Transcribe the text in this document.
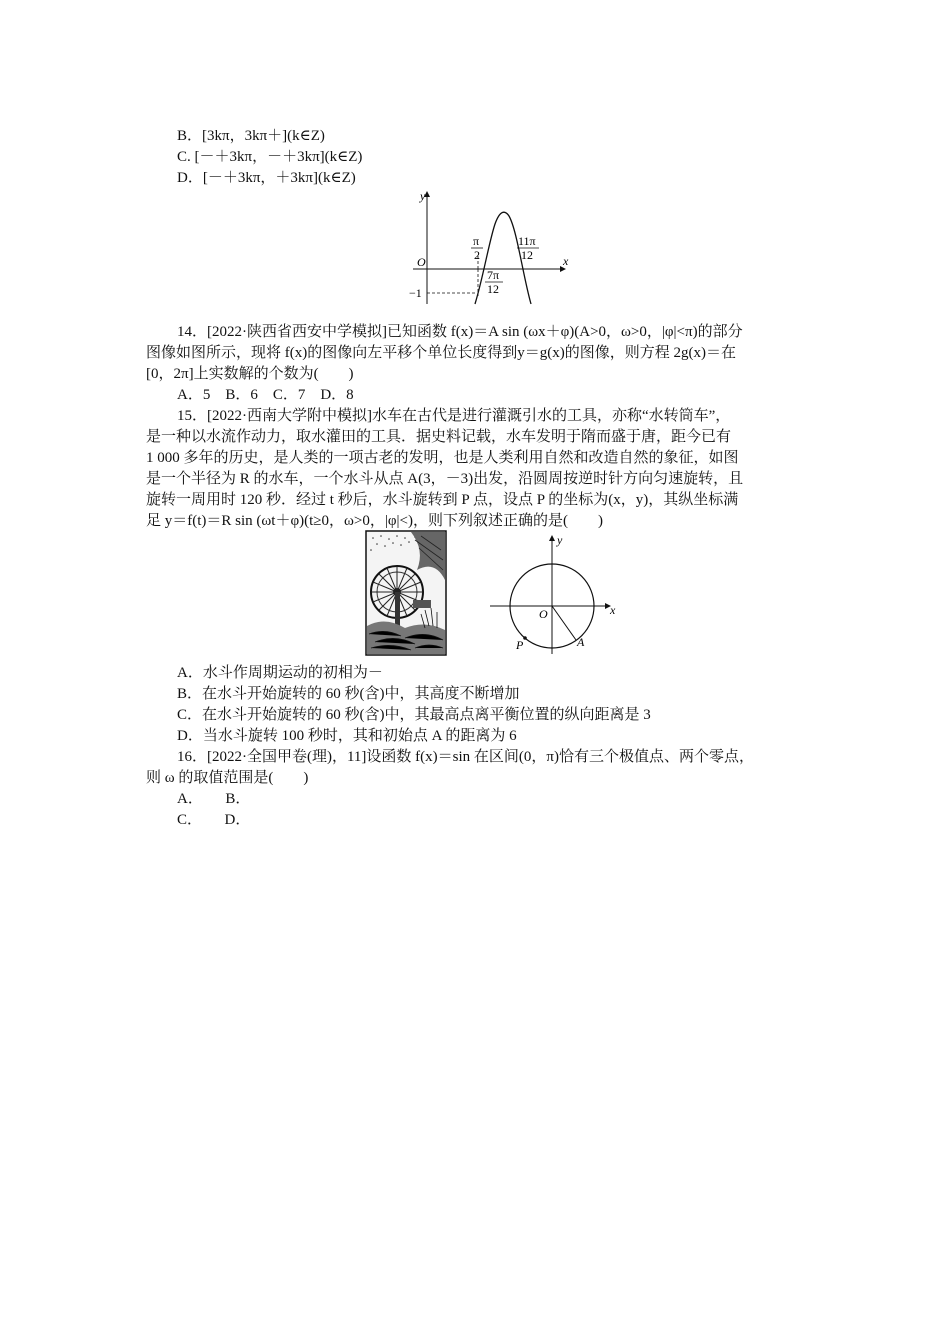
B．[3kπ，3kπ＋](k∈Z)
C. [－＋3kπ，－＋3kπ](k∈Z)
D．[－＋3kπ，＋3kπ](k∈Z)
y
x
O
−1
π
2
7π
12
11π
12
14．[2022·陕西省西安中学模拟]已知函数 f(x)＝A sin (ωx＋φ)(A>0，ω>0，|φ|<π)的部分
图像如图所示，现将 f(x)的图像向左平移个单位长度得到y＝g(x)的图像，则方程 2g(x)＝在
[0，2π]上实数解的个数为(　　)
A．5　B．6　C．7　D．8
15．[2022·西南大学附中模拟]水车在古代是进行灌溉引水的工具，亦称“水转筒车”，
是一种以水流作动力，取水灌田的工具．据史料记载，水车发明于隋而盛于唐，距今已有
1 000 多年的历史，是人类的一项古老的发明，也是人类利用自然和改造自然的象征，如图
是一个半径为 R 的水车，一个水斗从点 A(3，－3)出发，沿圆周按逆时针方向匀速旋转，且
旋转一周用时 120 秒．经过 t 秒后，水斗旋转到 P 点，设点 P 的坐标为(x，y)，其纵坐标满
足 y＝f(t)＝R sin (ωt＋φ)(t≥0，ω>0，|φ|<)，则下列叙述正确的是(　　)
y
x
O
P	A
A．水斗作周期运动的初相为－
B．在水斗开始旋转的 60 秒(含)中，其高度不断增加
C．在水斗开始旋转的 60 秒(含)中，其最高点离平衡位置的纵向距离是 3
D．当水斗旋转 100 秒时，其和初始点 A 的距离为 6
16．[2022·全国甲卷(理)，11]设函数 f(x)＝sin 在区间(0，π)恰有三个极值点、两个零点，
则 ω 的取值范围是(　　)
A．　　B．
C．　　D．
